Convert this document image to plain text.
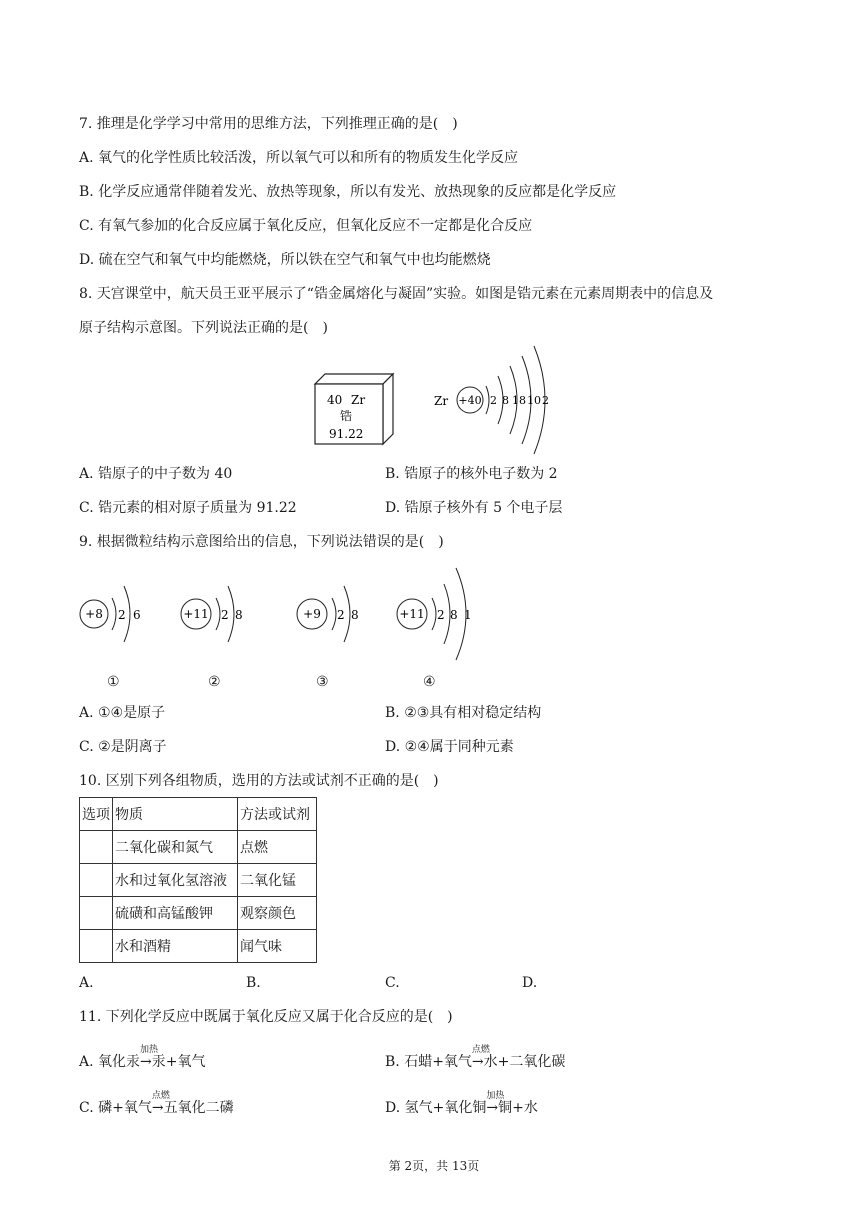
7. 推理是化学学习中常用的思维方法，下列推理正确的是(　)
A. 氧气的化学性质比较活泼，所以氧气可以和所有的物质发生化学反应
B. 化学反应通常伴随着发光、放热等现象，所以有发光、放热现象的反应都是化学反应
C. 有氧气参加的化合反应属于氧化反应，但氧化反应不一定都是化合反应
D. 硫在空气和氧气中均能燃烧，所以铁在空气和氧气中也均能燃烧
8. 天宫课堂中，航天员王亚平展示了“锆金属熔化与凝固”实验。如图是锆元素在元素周期表中的信息及
原子结构示意图。下列说法正确的是(　)
40 Zr
锆
91.22
Zr +40 2 8 18 10 2
A. 锆原子的中子数为 40	B. 锆原子的核外电子数为 2
C. 锆元素的相对原子质量为 91.22	D. 锆原子核外有 5 个电子层
9. 根据微粒结构示意图给出的信息，下列说法错误的是(　)
+8 2 6	+11 2 8	+9 2 8	+11 2 8 1
①	②	③	④
A. ①④是原子	B. ②③具有相对稳定结构
C. ②是阴离子	D. ②④属于同种元素
10. 区别下列各组物质，选用的方法或试剂不正确的是(　)
选项	物质	方法或试剂
	二氧化碳和氮气	点燃
	水和过氧化氢溶液	二氧化锰
	硫磺和高锰酸钾	观察颜色
	水和酒精	闻气味
A.	B.	C.	D.
11. 下列化学反应中既属于氧化反应又属于化合反应的是(　)
A. 氧化汞
加热
→汞+氧气	B. 石蜡+氧气
点燃
→水+二氧化碳
C. 磷+氧气
点燃
→五氧化二磷	D. 氢气+氧化铜
加热
→铜+水
第 2页，共 13页
